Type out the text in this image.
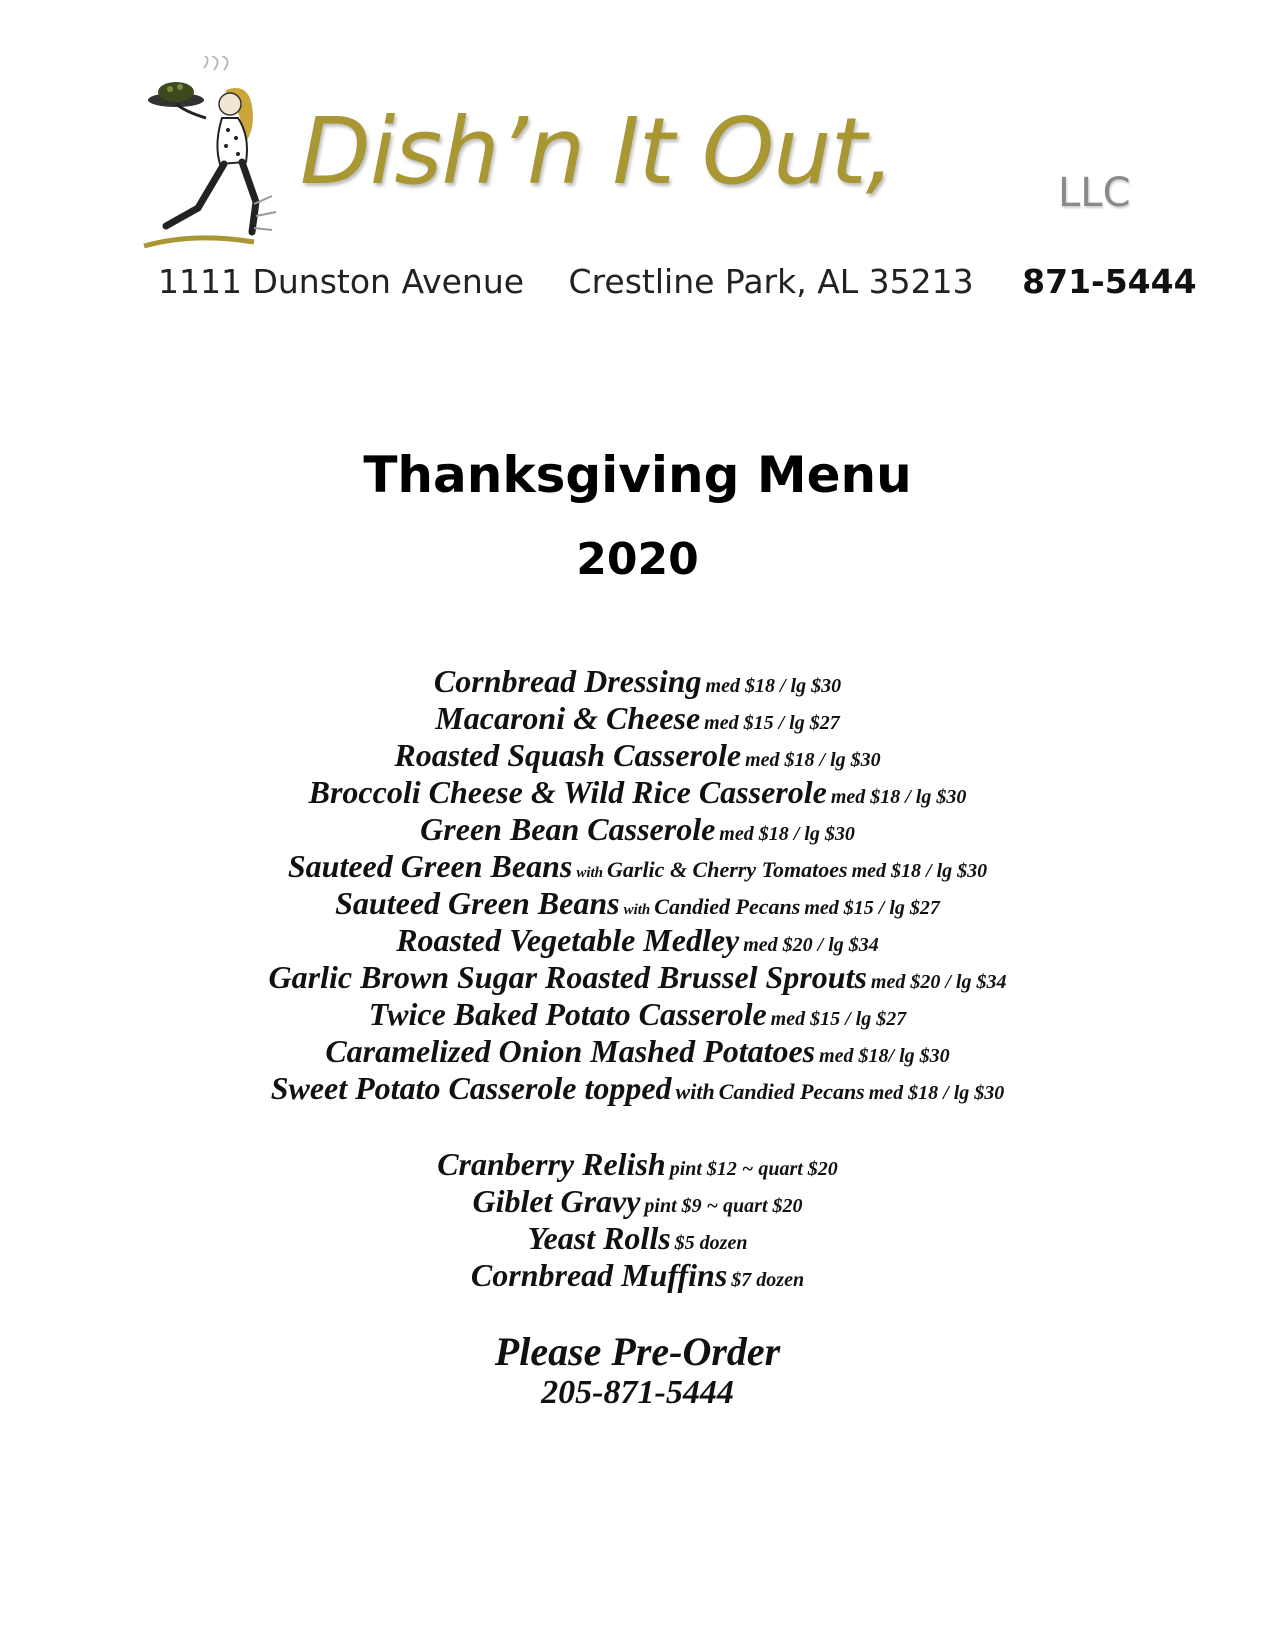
Dish’n It Out,	LLC
1111 Dunston Avenue Crestline Park, AL 35213 871-5444
Thanksgiving Menu
2020
Cornbread Dressing med $18 / lg $30
Macaroni & Cheese med $15 / lg $27
Roasted Squash Casserole med $18 / lg $30
Broccoli Cheese & Wild Rice Casserole med $18 / lg $30
Green Bean Casserole med $18 / lg $30
Sauteed Green Beans with Garlic & Cherry Tomatoes med $18 / lg $30
Sauteed Green Beans with Candied Pecans med $15 / lg $27
Roasted Vegetable Medley med $20 / lg $34
Garlic Brown Sugar Roasted Brussel Sprouts med $20 / lg $34
Twice Baked Potato Casserole med $15 / lg $27
Caramelized Onion Mashed Potatoes med $18/ lg $30
Sweet Potato Casserole topped with Candied Pecans med $18 / lg $30
Cranberry Relish pint $12 ~ quart $20
Giblet Gravy pint $9 ~ quart $20
Yeast Rolls $5 dozen
Cornbread Muffins $7 dozen
Please Pre-Order
205-871-5444
